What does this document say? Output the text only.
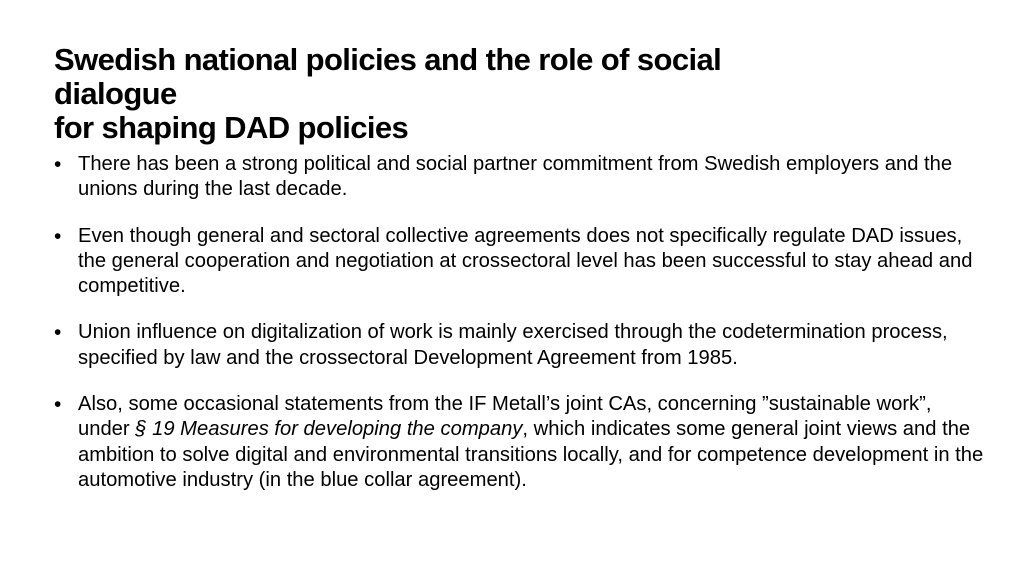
Swedish national policies and the role of social
dialogue
for shaping DAD policies
• There has been a strong political and social partner commitment from Swedish employers and the unions during the last decade.
• Even though general and sectoral collective agreements does not specifically regulate DAD issues, the general cooperation and negotiation at crossectoral level has been successful to stay ahead and competitive.
• Union influence on digitalization of work is mainly exercised through the codetermination process, specified by law and the crossectoral Development Agreement from 1985.
• Also, some occasional statements from the IF Metall’s joint CAs, concerning ”sustainable work”, under § 19 Measures for developing the company, which indicates some general joint views and the ambition to solve digital and environmental transitions locally, and for competence development in the automotive industry (in the blue collar agreement).
